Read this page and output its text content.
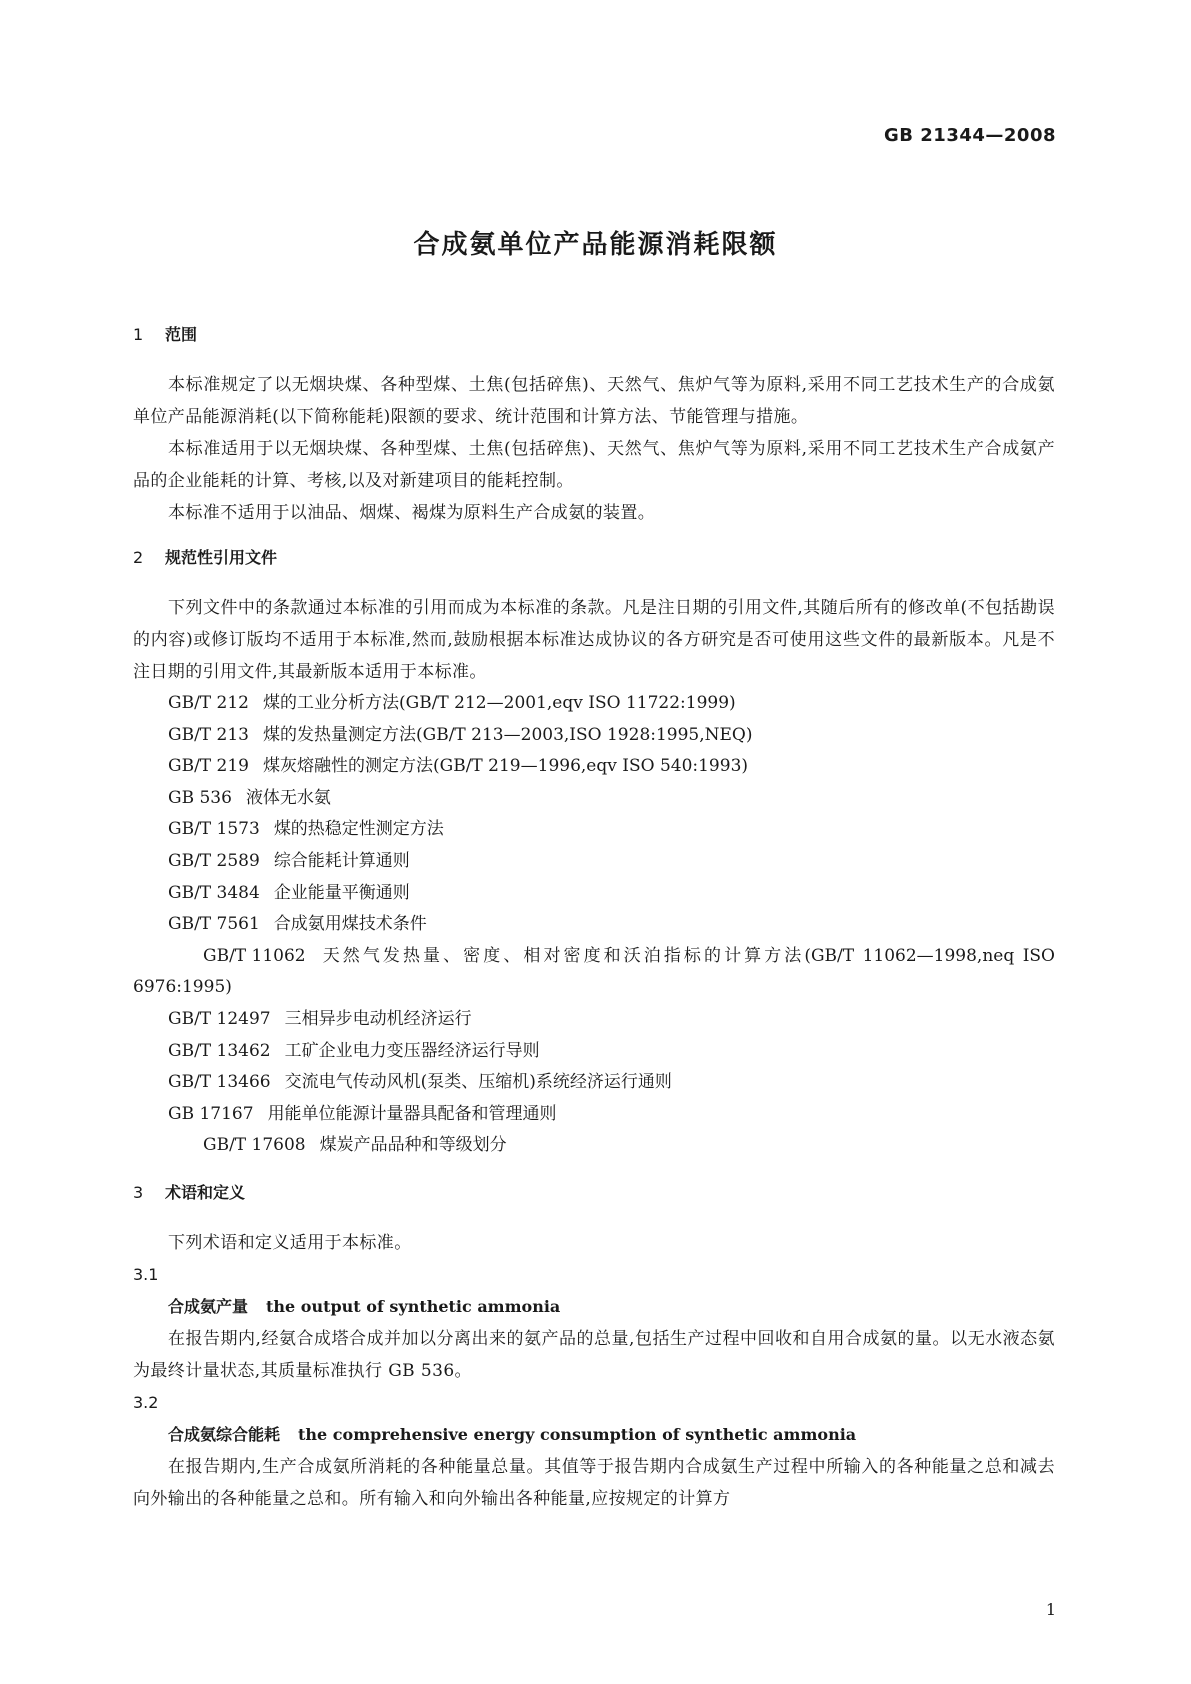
GB 21344—2008
合成氨单位产品能源消耗限额
1 范围

本标准规定了以无烟块煤、各种型煤、土焦(包括碎焦)、天然气、焦炉气等为原料,采用不同工艺技术生产的合成氨单位产品能源消耗(以下简称能耗)限额的要求、统计范围和计算方法、节能管理与措施。

本标准适用于以无烟块煤、各种型煤、土焦(包括碎焦)、天然气、焦炉气等为原料,采用不同工艺技术生产合成氨产品的企业能耗的计算、考核,以及对新建项目的能耗控制。

本标准不适用于以油品、烟煤、褐煤为原料生产合成氨的装置。

2 规范性引用文件

下列文件中的条款通过本标准的引用而成为本标准的条款。凡是注日期的引用文件,其随后所有的修改单(不包括勘误的内容)或修订版均不适用于本标准,然而,鼓励根据本标准达成协议的各方研究是否可使用这些文件的最新版本。凡是不注日期的引用文件,其最新版本适用于本标准。

GB/T 212 煤的工业分析方法(GB/T 212—2001,eqv ISO 11722:1999)
GB/T 213 煤的发热量测定方法(GB/T 213—2003,ISO 1928:1995,NEQ)
GB/T 219 煤灰熔融性的测定方法(GB/T 219—1996,eqv ISO 540:1993)
GB 536 液体无水氨
GB/T 1573 煤的热稳定性测定方法
GB/T 2589 综合能耗计算通则
GB/T 3484 企业能量平衡通则
GB/T 7561 合成氨用煤技术条件
GB/T 11062 天然气发热量、密度、相对密度和沃泊指标的计算方法(GB/T 11062—1998,neq ISO 6976:1995)
GB/T 12497 三相异步电动机经济运行
GB/T 13462 工矿企业电力变压器经济运行导则
GB/T 13466 交流电气传动风机(泵类、压缩机)系统经济运行通则
GB 17167 用能单位能源计量器具配备和管理通则
GB/T 17608 煤炭产品品种和等级划分
3 术语和定义

下列术语和定义适用于本标准。

3.1
合成氨产量 the output of synthetic ammonia

在报告期内,经氨合成塔合成并加以分离出来的氨产品的总量,包括生产过程中回收和自用合成氨的量。以无水液态氨为最终计量状态,其质量标准执行 GB 536。

3.2
合成氨综合能耗 the comprehensive energy consumption of synthetic ammonia

在报告期内,生产合成氨所消耗的各种能量总量。其值等于报告期内合成氨生产过程中所输入的各种能量之总和减去向外输出的各种能量之总和。所有输入和向外输出各种能量,应按规定的计算方

1
